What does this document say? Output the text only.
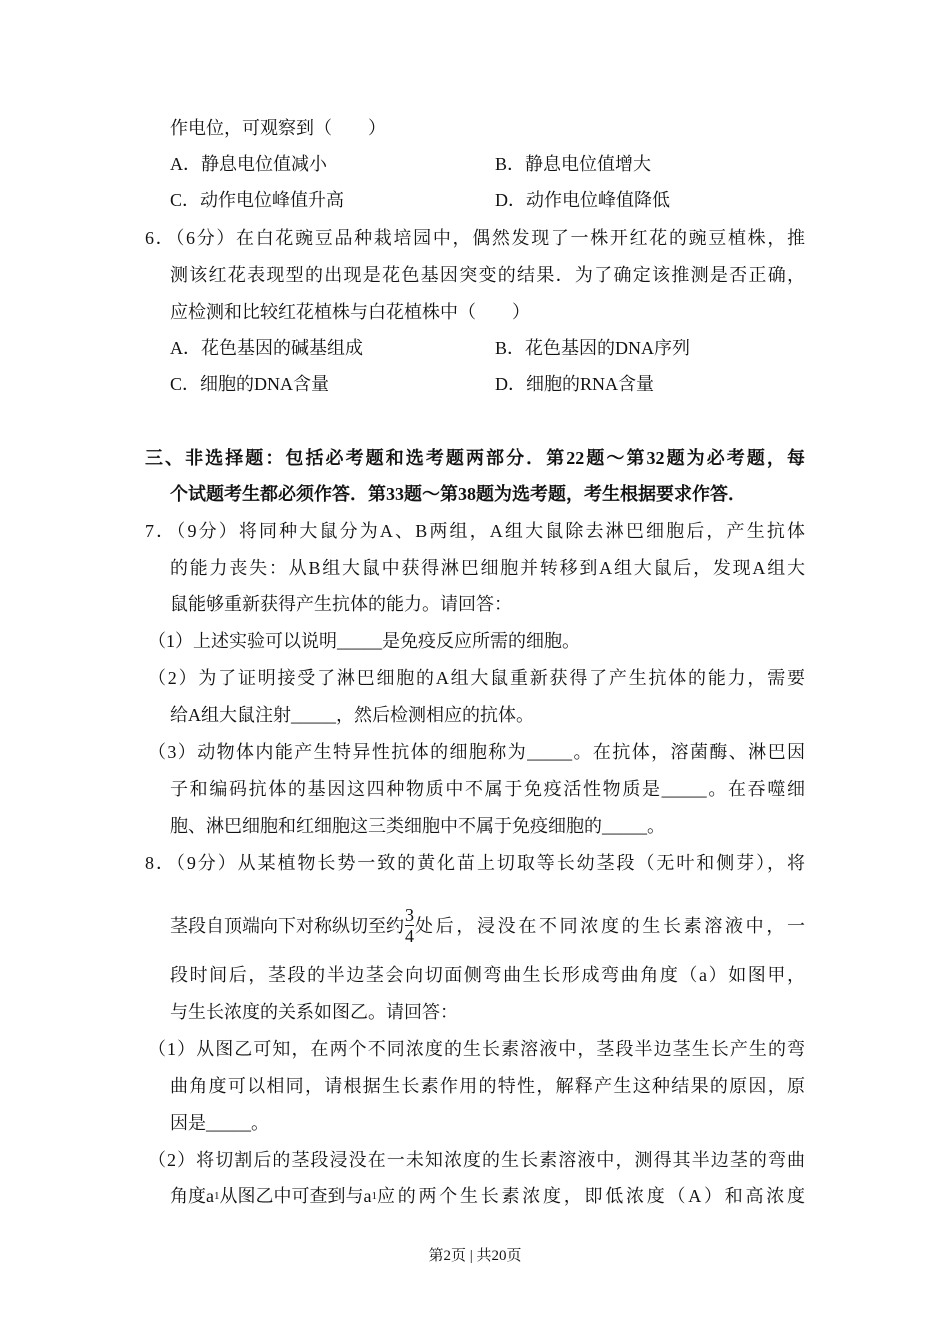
作电位，可观察到（　　）
A．静息电位值减小	B．静息电位值增大
C．动作电位峰值升高	D．动作电位峰值降低
6．（6分）在白花豌豆品种栽培园中，偶然发现了一株开红花的豌豆植株，推
测该红花表现型的出现是花色基因突变的结果．为了确定该推测是否正确，
应检测和比较红花植株与白花植株中（　　）
A．花色基因的碱基组成	B．花色基因的DNA序列
C．细胞的DNA含量	D．细胞的RNA含量
三、非选择题：包括必考题和选考题两部分．第22题～第32题为必考题，每
个试题考生都必须作答．第33题～第38题为选考题，考生根据要求作答．
7．（9分）将同种大鼠分为A、B两组，A组大鼠除去淋巴细胞后，产生抗体
的能力丧失：从B组大鼠中获得淋巴细胞并转移到A组大鼠后，发现A组大
鼠能够重新获得产生抗体的能力。请回答：
（1）上述实验可以说明_____是免疫反应所需的细胞。
（2）为了证明接受了淋巴细胞的A组大鼠重新获得了产生抗体的能力，需要
给A组大鼠注射_____，然后检测相应的抗体。
（3）动物体内能产生特异性抗体的细胞称为_____。在抗体，溶菌酶、淋巴因
子和编码抗体的基因这四种物质中不属于免疫活性物质是_____。在吞噬细
胞、淋巴细胞和红细胞这三类细胞中不属于免疫细胞的_____。
8．（9分）从某植物长势一致的黄化苗上切取等长幼茎段（无叶和侧芽），将
茎段自顶端向下对称纵切至约 $\frac{3}{4}$ 处后，浸没在不同浓度的生长素溶液中，一
段时间后，茎段的半边茎会向切面侧弯曲生长形成弯曲角度（a）如图甲，
与生长浓度的关系如图乙。请回答：
（1）从图乙可知，在两个不同浓度的生长素溶液中，茎段半边茎生长产生的弯
曲角度可以相同，请根据生长素作用的特性，解释产生这种结果的原因，原
因是_____。
（2）将切割后的茎段浸没在一未知浓度的生长素溶液中，测得其半边茎的弯曲
角度a 1 从图乙中可查到与a 1 应的两个生长素浓度，即低浓度（A）和高浓度
第2页 | 共20页
